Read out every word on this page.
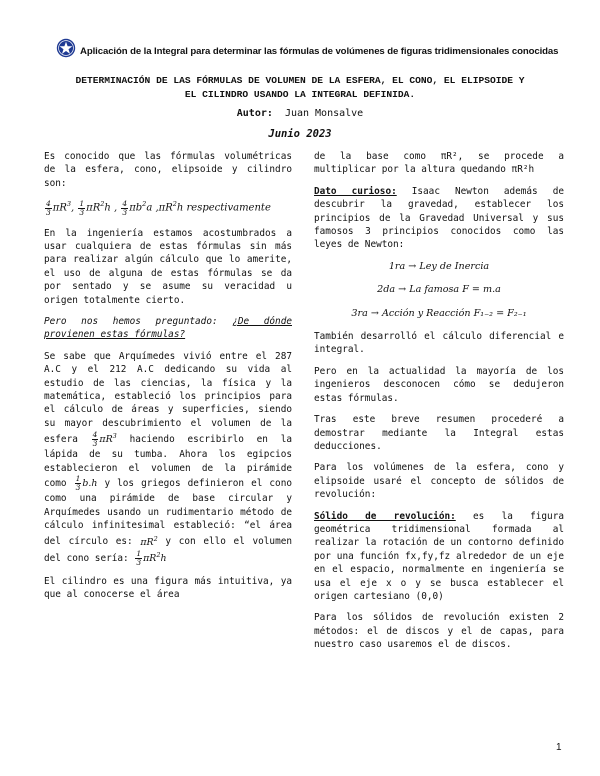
Aplicación de la Integral para determinar las fórmulas de volúmenes de figuras tridimensionales conocidas
DETERMINACIÓN DE LAS FÓRMULAS DE VOLUMEN DE LA ESFERA, EL CONO, EL ELIPSOIDE Y
EL CILINDRO USANDO LA INTEGRAL DEFINIDA.
Autor: Juan Monsalve
Junio 2023

Es conocido que las fórmulas volumétricas de la esfera, cono, elipsoide y cilindro son:

$\frac{4}{3} \pi R^3$, $\frac{1}{3} \pi R^2h$ , $\frac{4}{3} \pi b^2a$ $,\pi R^2h$ respectivamente

En la ingeniería estamos acostumbrados a usar cualquiera de estas fórmulas sin más para realizar algún cálculo que lo amerite, el uso de alguna de estas fórmulas se da por sentado y se asume su veracidad u origen totalmente cierto.

Pero nos hemos preguntado: ¿De dónde provienen estas fórmulas?

Se sabe que Arquímedes vivió entre el 287 A.C y el 212 A.C dedicando su vida al estudio de las ciencias, la física y la matemática, estableció los principios para el cálculo de áreas y superficies, siendo su mayor descubrimiento el volumen de la esfera $\frac{4}{3} \pi R^3$ haciendo escribirlo en la lápida de su tumba. Ahora los egipcios establecieron el volumen de la pirámide como $\frac{1}{3} b.h$ y los griegos definieron el cono como una pirámide de base circular y Arquímedes usando un rudimentario método de cálculo infinitesimal estableció: “el área del círculo es: $\pi R^2$ y con ello el volumen del cono sería: $\frac{1}{3} \pi R^2h$

El cilindro es una figura más intuitiva, ya que al conocerse el área

de la base como πR², se procede a multiplicar por la altura quedando πR²h

Dato curioso: Isaac Newton además de descubrir la gravedad, establecer los principios de la Gravedad Universal y sus famosos 3 principios conocidos como las leyes de Newton:

1ra → Ley de Inercia
2da → La famosa F = m.a
3ra → Acción y Reacción F₁₋₂ = F₂₋₁

También desarrolló el cálculo diferencial e integral.

Pero en la actualidad la mayoría de los ingenieros desconocen cómo se dedujeron estas fórmulas.

Tras este breve resumen procederé a demostrar mediante la Integral estas deducciones.

Para los volúmenes de la esfera, cono y elipsoide usaré el concepto de sólidos de revolución:

Sólido de revolución: es la figura geométrica tridimensional formada al realizar la rotación de un contorno definido por una función fx,fy,fz alrededor de un eje en el espacio, normalmente en ingeniería se usa el eje x o y se busca establecer el origen cartesiano (0,0)

Para los sólidos de revolución existen 2 métodos: el de discos y el de capas, para nuestro caso usaremos el de discos.

1
